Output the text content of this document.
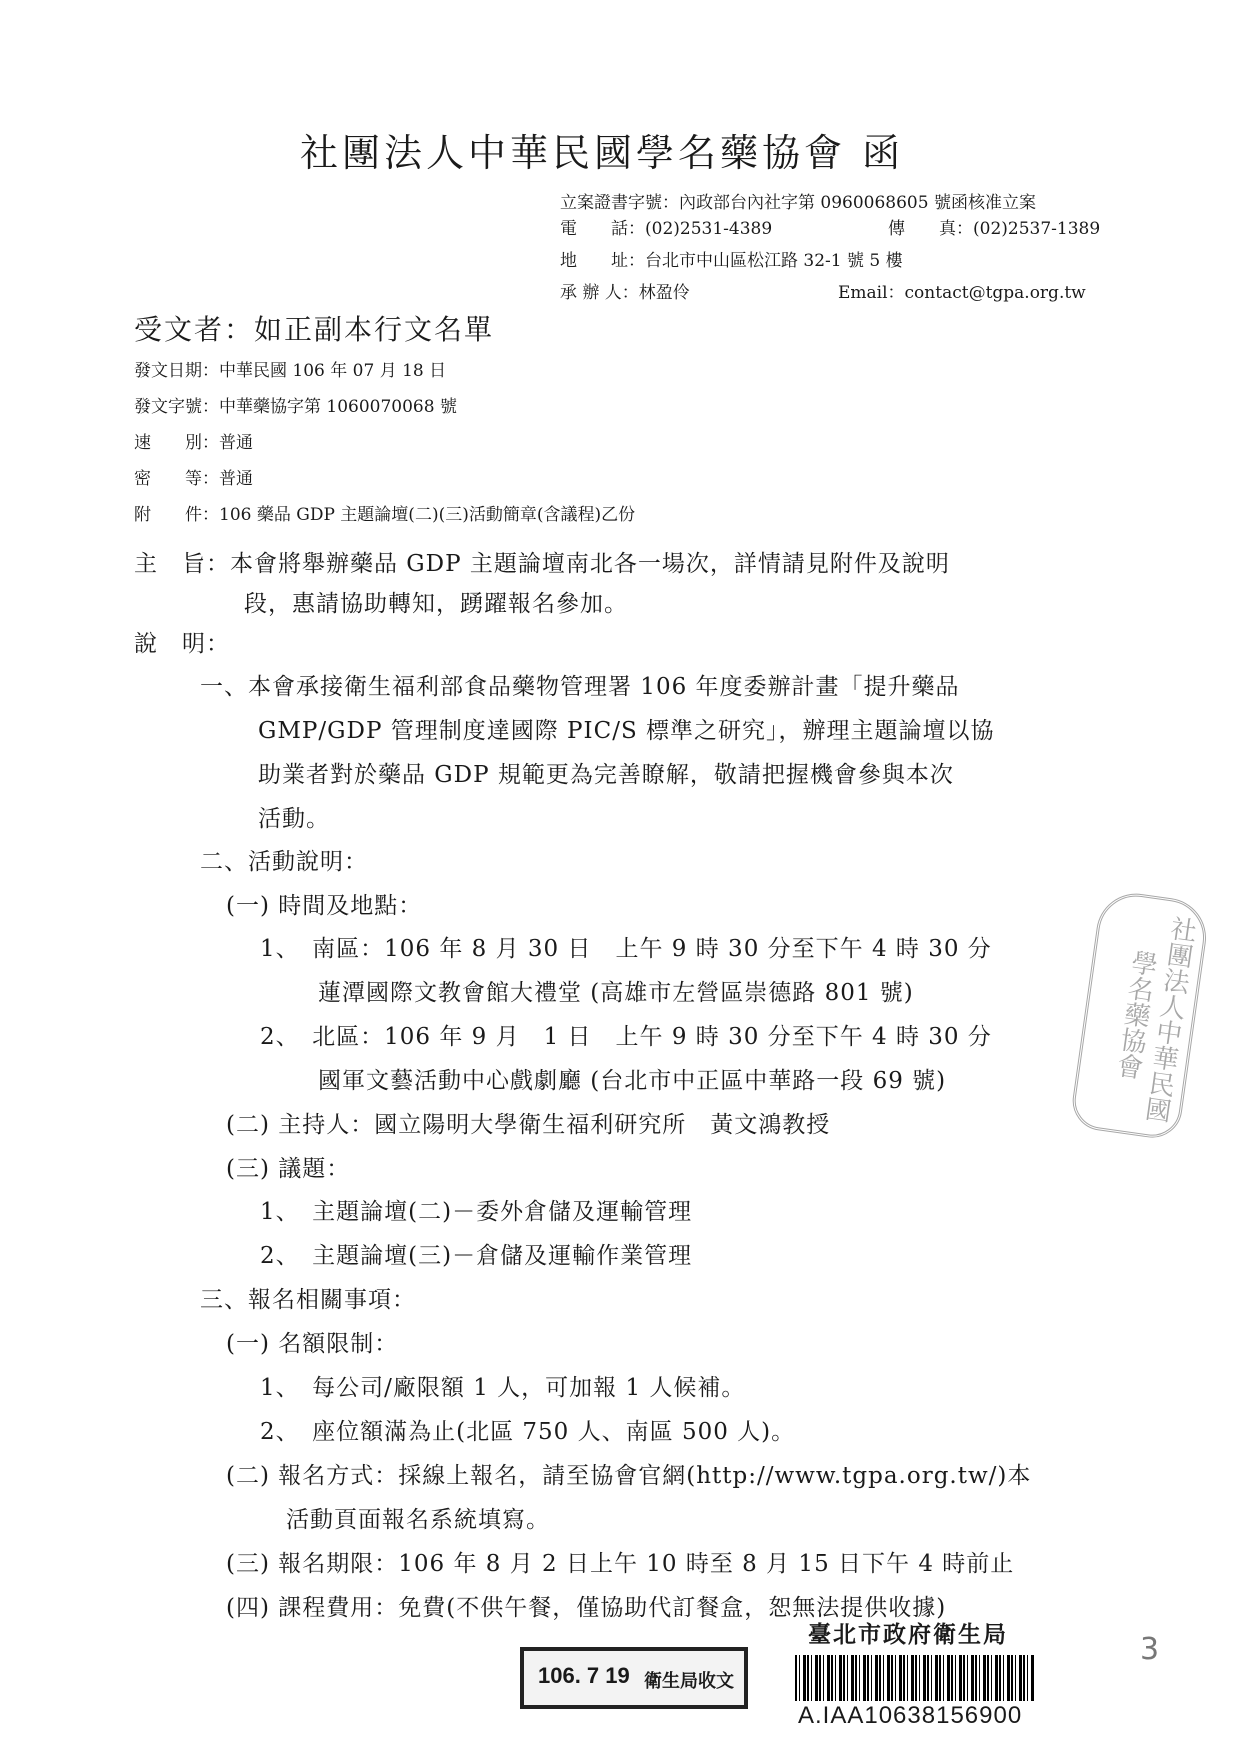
社團法人中華民國學名藥協會 函
立案證書字號：內政部台內社字第 0960068605 號函核准立案
電　　話：(02)2531-4389	傳　　真：(02)2537-1389
地　　址：台北市中山區松江路 32-1 號 5 樓
承 辦 人：林盈伶	Email：contact@tgpa.org.tw
受文者：如正副本行文名單
發文日期：中華民國 106 年 07 月 18 日
發文字號：中華藥協字第 1060070068 號
速　　別：普通
密　　等：普通
附　　件：106 藥品 GDP 主題論壇(二)(三)活動簡章(含議程)乙份
主　旨：本會將舉辦藥品 GDP 主題論壇南北各一場次，詳情請見附件及說明
段，惠請協助轉知，踴躍報名參加。
說　明：
一、本會承接衛生福利部食品藥物管理署 106 年度委辦計畫「提升藥品
GMP/GDP 管理制度達國際 PIC/S 標準之研究」，辦理主題論壇以協
助業者對於藥品 GDP 規範更為完善瞭解，敬請把握機會參與本次
活動。
二、活動說明：
(一) 時間及地點：
1、　南區：106 年 8 月 30 日　上午 9 時 30 分至下午 4 時 30 分
蓮潭國際文教會館大禮堂 (高雄市左營區崇德路 801 號)
2、　北區：106 年 9 月　1 日　上午 9 時 30 分至下午 4 時 30 分
國軍文藝活動中心戲劇廳 (台北市中正區中華路一段 69 號)
(二) 主持人：國立陽明大學衛生福利研究所　黃文鴻教授
(三) 議題：
1、　主題論壇(二)－委外倉儲及運輸管理
2、　主題論壇(三)－倉儲及運輸作業管理
三、報名相關事項：
(一) 名額限制：
1、　每公司/廠限額 1 人，可加報 1 人候補。
2、　座位額滿為止(北區 750 人、南區 500 人)。
(二) 報名方式：採線上報名，請至協會官網(http://www.tgpa.org.tw/)本
活動頁面報名系統填寫。
(三) 報名期限：106 年 8 月 2 日上午 10 時至 8 月 15 日下午 4 時前止
(四) 課程費用：免費(不供午餐，僅協助代訂餐盒，恕無法提供收據)
社團法人中華民國學名藥協會
106. 7 19 衛生局收文
臺北市政府衛生局
A.IAA10638156900
3
